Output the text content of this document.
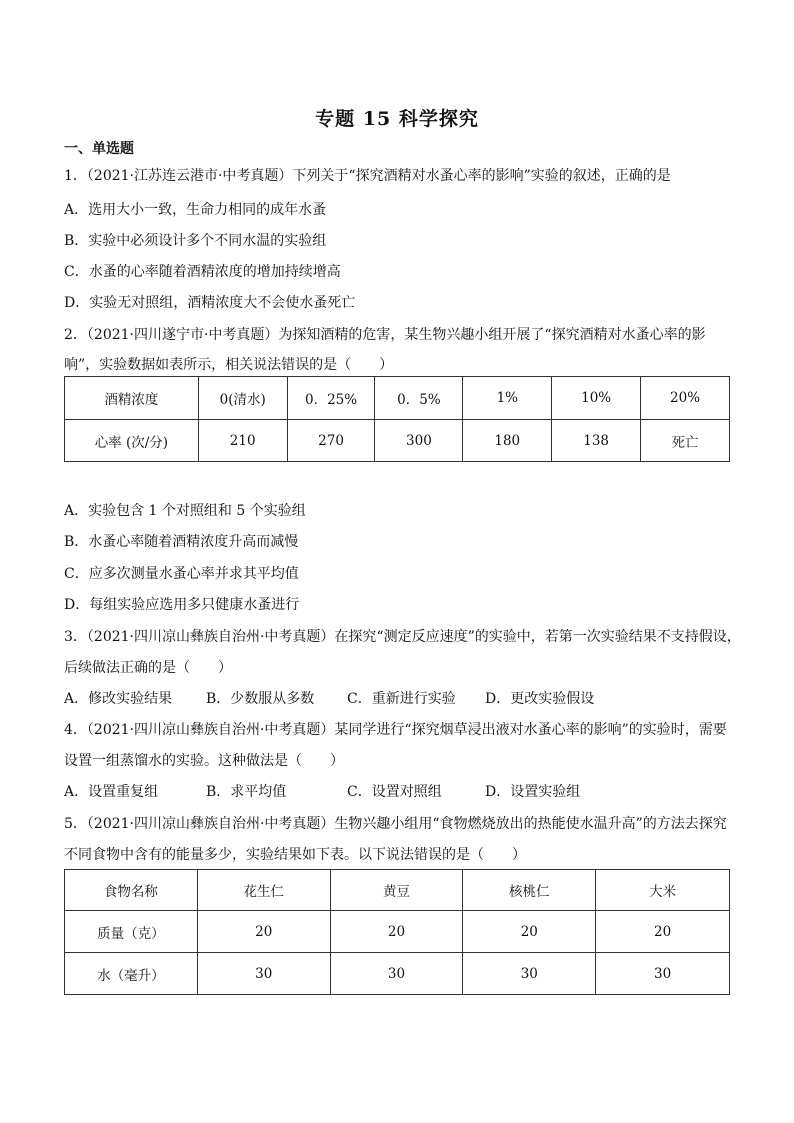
专题 15 科学探究
一、单选题
1．（2021·江苏连云港市·中考真题）下列关于“探究酒精对水蚤心率的影响”实验的叙述，正确的是
A．选用大小一致，生命力相同的成年水蚤
B．实验中必须设计多个不同水温的实验组
C．水蚤的心率随着酒精浓度的增加持续增高
D．实验无对照组，酒精浓度大不会使水蚤死亡
2．（2021·四川遂宁市·中考真题）为探知酒精的危害，某生物兴趣小组开展了“探究酒精对水蚤心率的影
响”，实验数据如表所示，相关说法错误的是（　　）
酒精浓度	0(清水)	0．25%	0．5%	1%	10%	20%
心率 (次/分)	210	270	300	180	138	死亡
A．实验包含 1 个对照组和 5 个实验组
B．水蚤心率随着酒精浓度升高而减慢
C．应多次测量水蚤心率并求其平均值
D．每组实验应选用多只健康水蚤进行
3．（2021·四川凉山彝族自治州·中考真题）在探究“测定反应速度”的实验中，若第一次实验结果不支持假设，
后续做法正确的是（　　）
A．修改实验结果 B．少数服从多数 C．重新进行实验 D．更改实验假设
4．（2021·四川凉山彝族自治州·中考真题）某同学进行“探究烟草浸出液对水蚤心率的影响”的实验时，需要
设置一组蒸馏水的实验。这种做法是（　　）
A．设置重复组	B．求平均值	C．设置对照组	D．设置实验组
5．（2021·四川凉山彝族自治州·中考真题）生物兴趣小组用“食物燃烧放出的热能使水温升高”的方法去探究
不同食物中含有的能量多少，实验结果如下表。以下说法错误的是（　　）
食物名称	花生仁	黄豆	核桃仁	大米
质量（克）	20	20	20	20
水（毫升）	30	30	30	30
